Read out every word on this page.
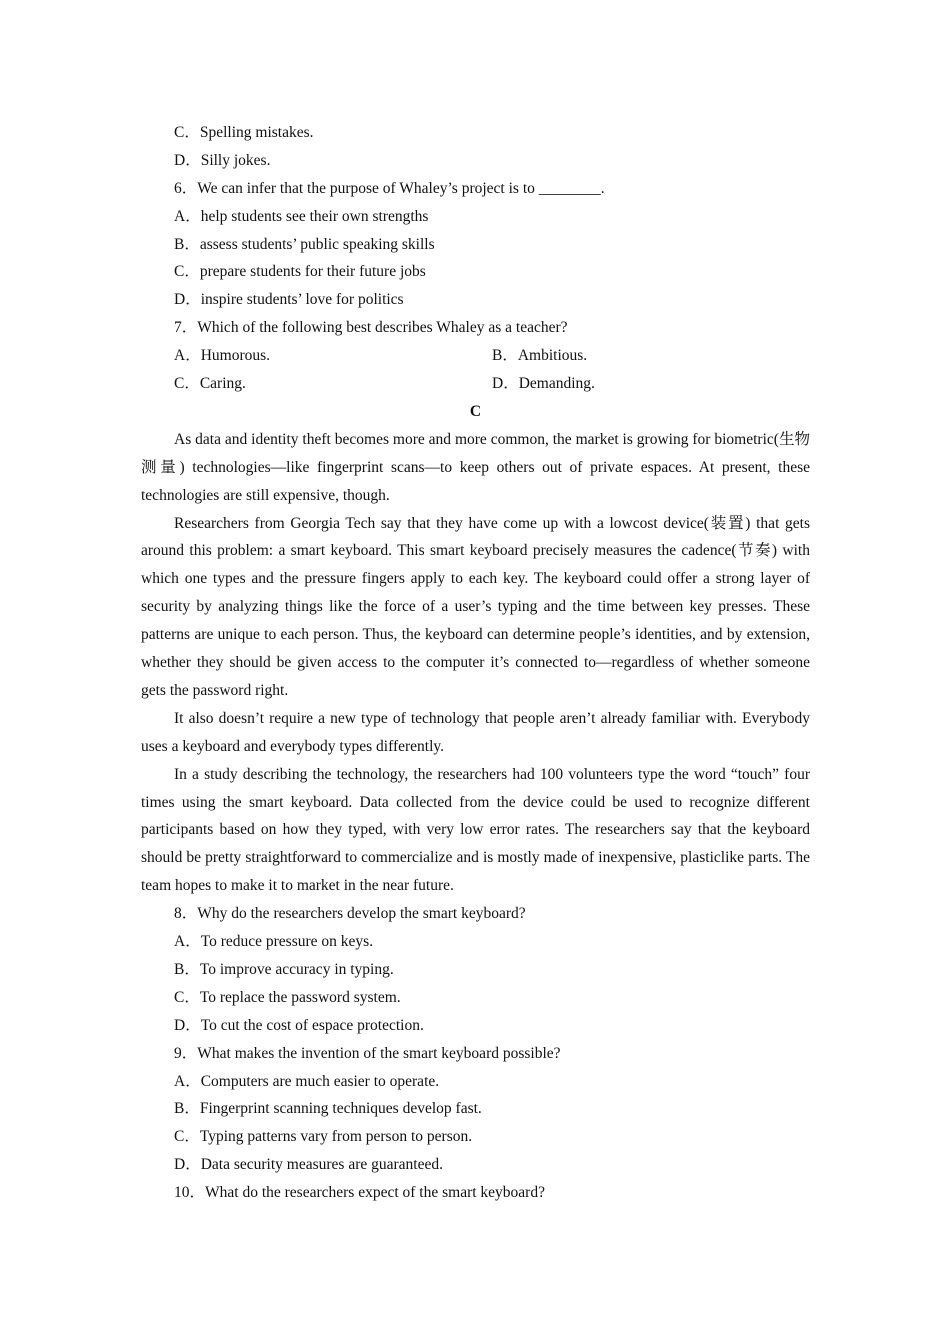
C．Spelling mistakes.
D．Silly jokes.
6．We can infer that the purpose of Whaley’s project is to ________.
A．help students see their own strengths
B．assess students’ public speaking skills
C．prepare students for their future jobs
D．inspire students’ love for politics
7．Which of the following best describes Whaley as a teacher?
A．Humorous.	B．Ambitious.
C．Caring.	D．Demanding.
C

As data and identity theft becomes more and more common, the market is growing for biometric(生物测量) technologies—like fingerprint scans—to keep others out of private espaces. At present, these technologies are still expensive, though.

Researchers from Georgia Tech say that they have come up with a lowcost device(装置) that gets around this problem: a smart keyboard. This smart keyboard precisely measures the cadence(节奏) with which one types and the pressure fingers apply to each key. The keyboard could offer a strong layer of security by analyzing things like the force of a user’s typing and the time between key presses. These patterns are unique to each person. Thus, the keyboard can determine people’s identities, and by extension, whether they should be given access to the computer it’s connected to—regardless of whether someone gets the password right.

It also doesn’t require a new type of technology that people aren’t already familiar with. Everybody uses a keyboard and everybody types differently.

In a study describing the technology, the researchers had 100 volunteers type the word “touch” four times using the smart keyboard. Data collected from the device could be used to recognize different participants based on how they typed, with very low error rates. The researchers say that the keyboard should be pretty straightforward to commercialize and is mostly made of inexpensive, plasticlike parts. The team hopes to make it to market in the near future.

8．Why do the researchers develop the smart keyboard?
A．To reduce pressure on keys.
B．To improve accuracy in typing.
C．To replace the password system.
D．To cut the cost of espace protection.
9．What makes the invention of the smart keyboard possible?
A．Computers are much easier to operate.
B．Fingerprint scanning techniques develop fast.
C．Typing patterns vary from person to person.
D．Data security measures are guaranteed.
10．What do the researchers expect of the smart keyboard?
